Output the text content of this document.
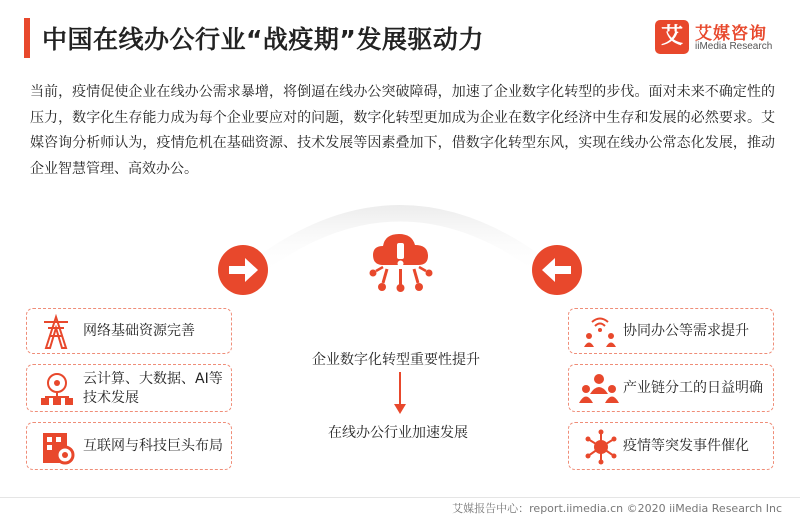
中国在线办公行业“战疫期”发展驱动力	艾 艾媒咨询
iiMedia Research
当前，疫情促使企业在线办公需求暴增，将倒逼在线办公突破障碍，加速了企业数字化转型的步伐。面对未来不确定性的压力，数字化生存能力成为每个企业要应对的问题，数字化转型更加成为企业在数字化经济中生存和发展的必然要求。艾媒咨询分析师认为，疫情危机在基础资源、技术发展等因素叠加下，借数字化转型东风，实现在线办公常态化发展，推动企业智慧管理、高效办公。
企业数字化转型重要性提升
在线办公行业加速发展
网络基础资源完善
云计算、大数据、AI等技术发展
互联网与科技巨头布局
协同办公等需求提升
产业链分工的日益明确
疫情等突发事件催化
艾媒报告中心：report.iimedia.cn ©2020 iiMedia Research Inc
